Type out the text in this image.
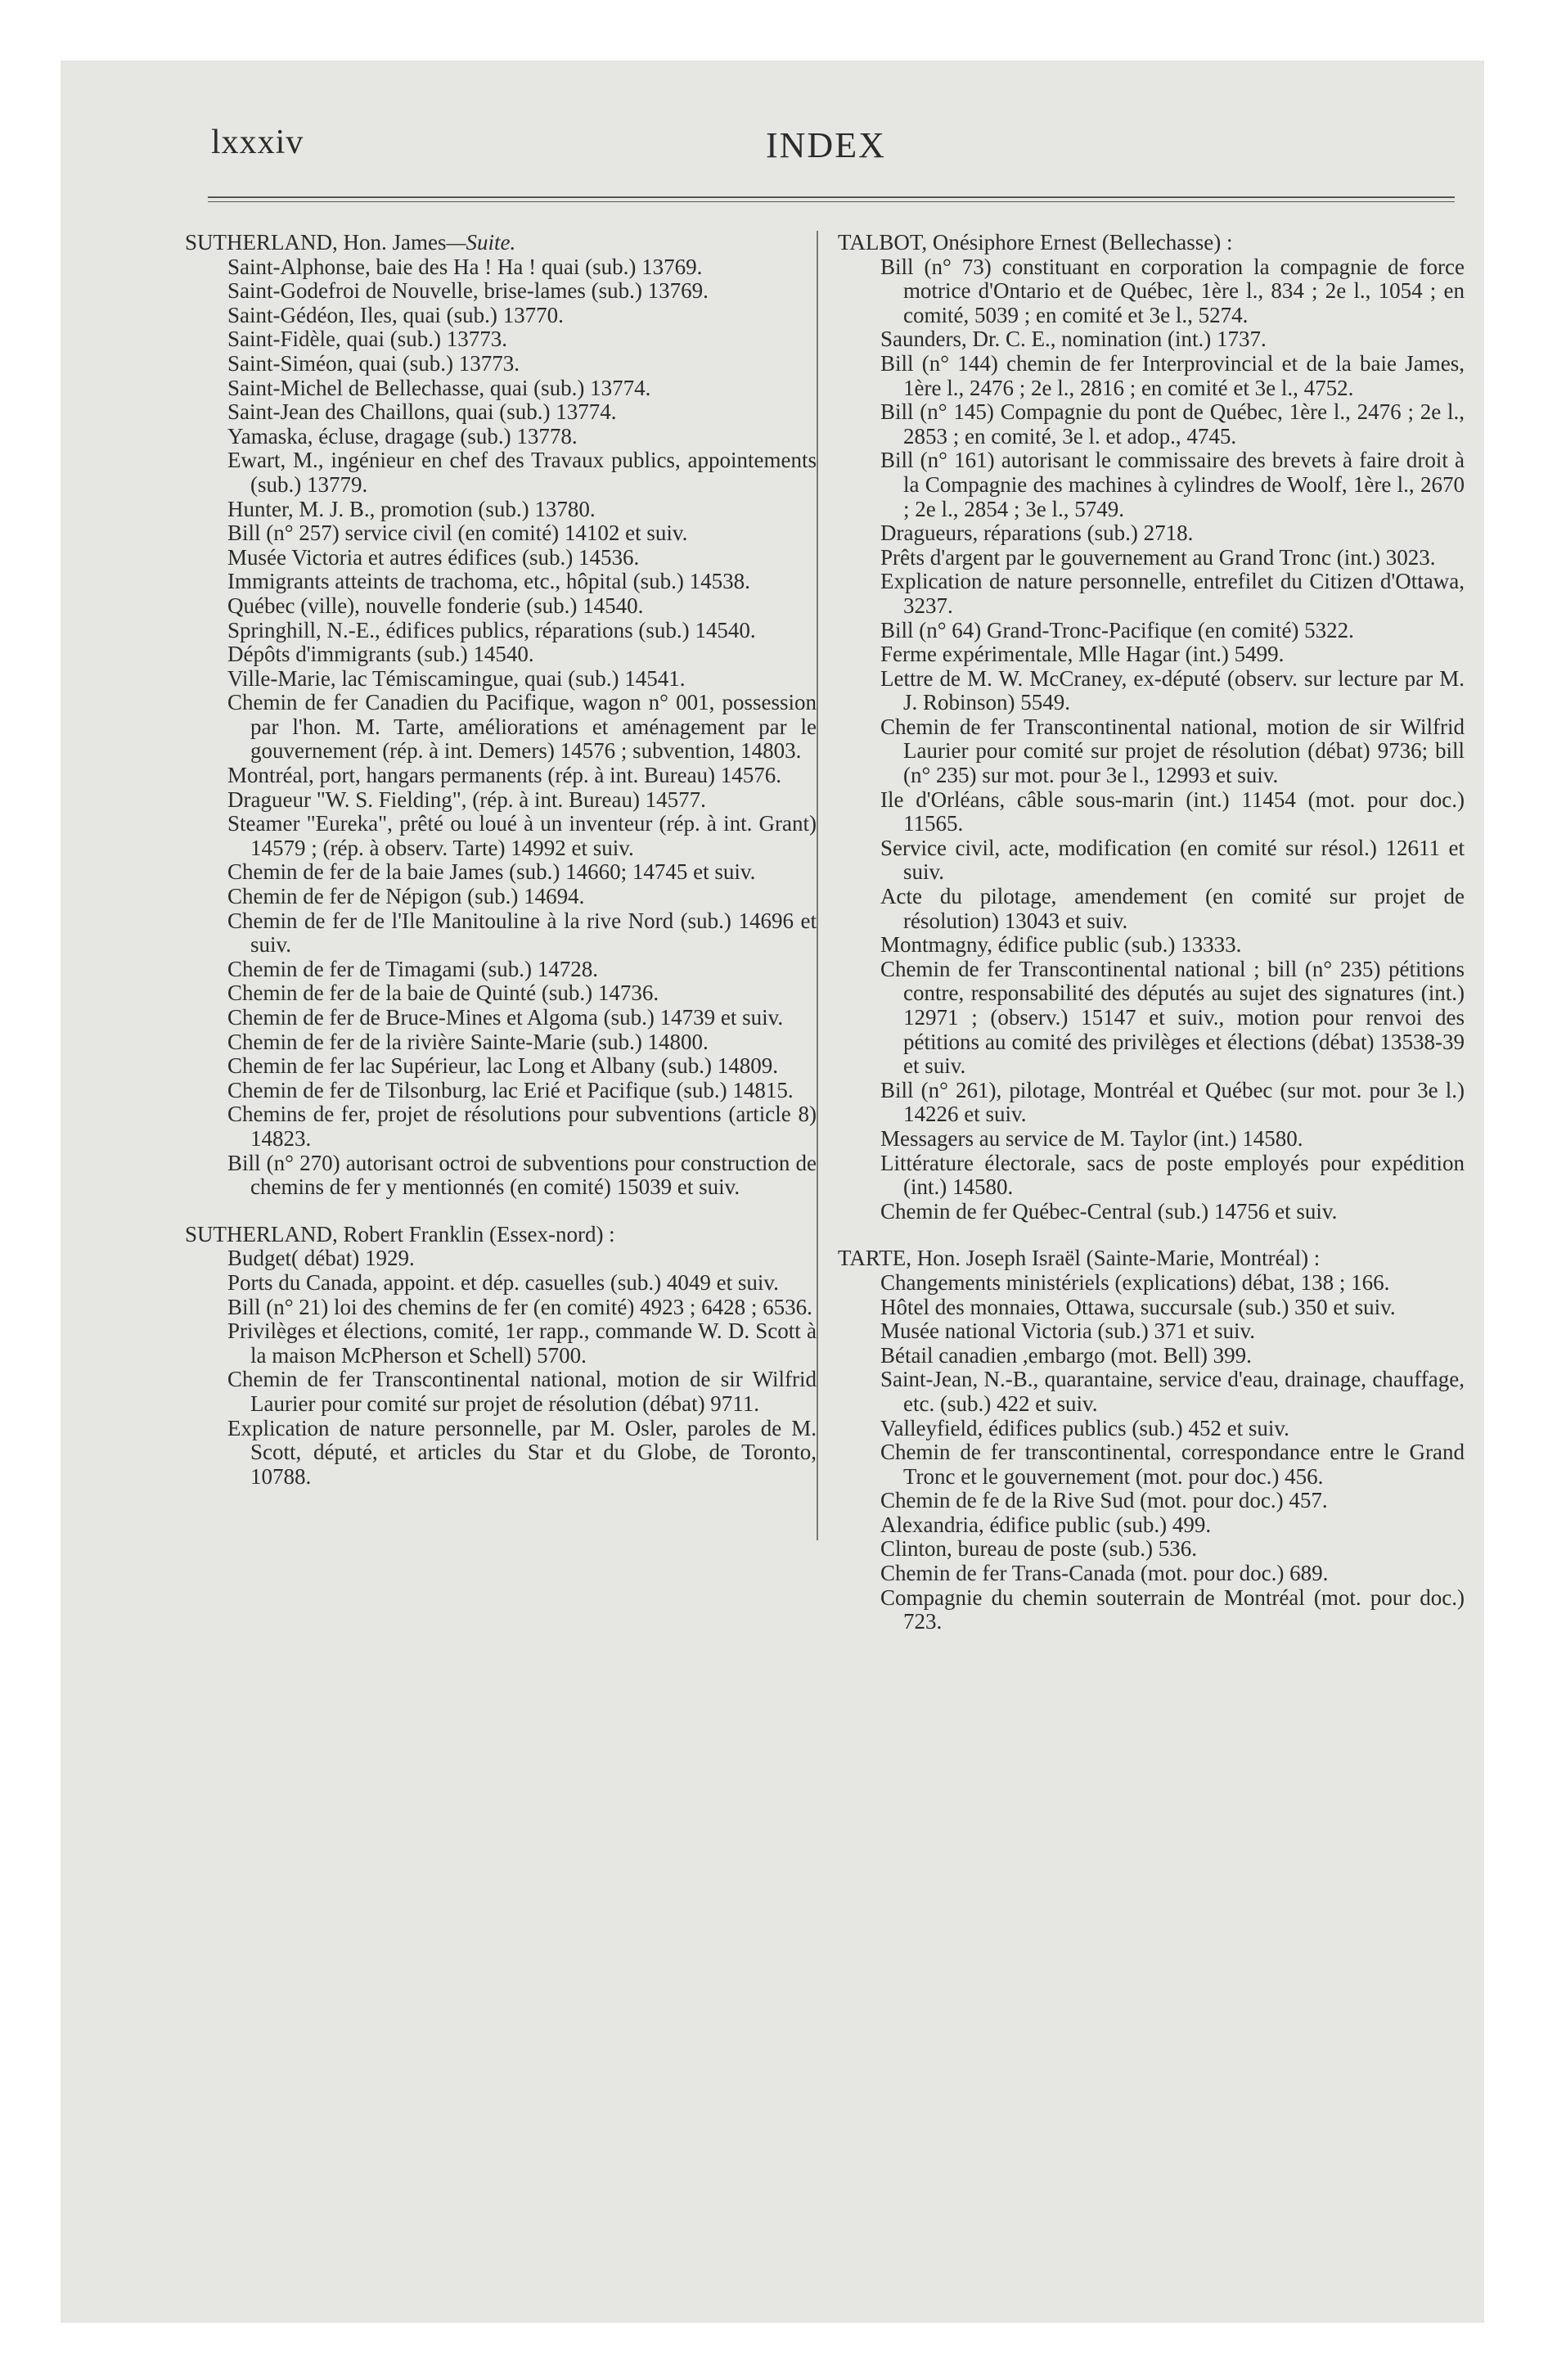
lxxxiv	INDEX
SUTHERLAND, Hon. James—Suite.
Saint-Alphonse, baie des Ha ! Ha ! quai (sub.) 13769.
Saint-Godefroi de Nouvelle, brise-lames (sub.) 13769.
Saint-Gédéon, Iles, quai (sub.) 13770.
Saint-Fidèle, quai (sub.) 13773.
Saint-Siméon, quai (sub.) 13773.
Saint-Michel de Bellechasse, quai (sub.) 13774.
Saint-Jean des Chaillons, quai (sub.) 13774.
Yamaska, écluse, dragage (sub.) 13778.
Ewart, M., ingénieur en chef des Travaux publics, appointements (sub.) 13779.
Hunter, M. J. B., promotion (sub.) 13780.
Bill (n° 257) service civil (en comité) 14102 et suiv.
Musée Victoria et autres édifices (sub.) 14536.
Immigrants atteints de trachoma, etc., hôpital (sub.) 14538.
Québec (ville), nouvelle fonderie (sub.) 14540.
Springhill, N.-E., édifices publics, réparations (sub.) 14540.
Dépôts d'immigrants (sub.) 14540.
Ville-Marie, lac Témiscamingue, quai (sub.) 14541.
Chemin de fer Canadien du Pacifique, wagon n° 001, possession par l'hon. M. Tarte, améliorations et aménagement par le gouvernement (rép. à int. Demers) 14576 ; subvention, 14803.
Montréal, port, hangars permanents (rép. à int. Bureau) 14576.
Dragueur "W. S. Fielding", (rép. à int. Bureau) 14577.
Steamer "Eureka", prêté ou loué à un inventeur (rép. à int. Grant) 14579 ; (rép. à observ. Tarte) 14992 et suiv.
Chemin de fer de la baie James (sub.) 14660; 14745 et suiv.
Chemin de fer de Népigon (sub.) 14694.
Chemin de fer de l'Ile Manitouline à la rive Nord (sub.) 14696 et suiv.
Chemin de fer de Timagami (sub.) 14728.
Chemin de fer de la baie de Quinté (sub.) 14736.
Chemin de fer de Bruce-Mines et Algoma (sub.) 14739 et suiv.
Chemin de fer de la rivière Sainte-Marie (sub.) 14800.
Chemin de fer lac Supérieur, lac Long et Albany (sub.) 14809.
Chemin de fer de Tilsonburg, lac Erié et Pacifique (sub.) 14815.
Chemins de fer, projet de résolutions pour subventions (article 8) 14823.
Bill (n° 270) autorisant octroi de subventions pour construction de chemins de fer y mentionnés (en comité) 15039 et suiv.
SUTHERLAND, Robert Franklin (Essex-nord) :
Budget( débat) 1929.
Ports du Canada, appoint. et dép. casuelles (sub.) 4049 et suiv.
Bill (n° 21) loi des chemins de fer (en comité) 4923 ; 6428 ; 6536.
Privilèges et élections, comité, 1er rapp., commande W. D. Scott à la maison McPherson et Schell) 5700.
Chemin de fer Transcontinental national, motion de sir Wilfrid Laurier pour comité sur projet de résolution (débat) 9711.
Explication de nature personnelle, par M. Osler, paroles de M. Scott, député, et articles du Star et du Globe, de Toronto, 10788.
TALBOT, Onésiphore Ernest (Bellechasse) :
Bill (n° 73) constituant en corporation la compagnie de force motrice d'Ontario et de Québec, 1ère l., 834 ; 2e l., 1054 ; en comité, 5039 ; en comité et 3e l., 5274.
Saunders, Dr. C. E., nomination (int.) 1737.
Bill (n° 144) chemin de fer Interprovincial et de la baie James, 1ère l., 2476 ; 2e l., 2816 ; en comité et 3e l., 4752.
Bill (n° 145) Compagnie du pont de Québec, 1ère l., 2476 ; 2e l., 2853 ; en comité, 3e l. et adop., 4745.
Bill (n° 161) autorisant le commissaire des brevets à faire droit à la Compagnie des machines à cylindres de Woolf, 1ère l., 2670 ; 2e l., 2854 ; 3e l., 5749.
Dragueurs, réparations (sub.) 2718.
Prêts d'argent par le gouvernement au Grand Tronc (int.) 3023.
Explication de nature personnelle, entrefilet du Citizen d'Ottawa, 3237.
Bill (n° 64) Grand-Tronc-Pacifique (en comité) 5322.
Ferme expérimentale, Mlle Hagar (int.) 5499.
Lettre de M. W. McCraney, ex-député (observ. sur lecture par M. J. Robinson) 5549.
Chemin de fer Transcontinental national, motion de sir Wilfrid Laurier pour comité sur projet de résolution (débat) 9736; bill (n° 235) sur mot. pour 3e l., 12993 et suiv.
Ile d'Orléans, câble sous-marin (int.) 11454 (mot. pour doc.) 11565.
Service civil, acte, modification (en comité sur résol.) 12611 et suiv.
Acte du pilotage, amendement (en comité sur projet de résolution) 13043 et suiv.
Montmagny, édifice public (sub.) 13333.
Chemin de fer Transcontinental national ; bill (n° 235) pétitions contre, responsabilité des députés au sujet des signatures (int.) 12971 ; (observ.) 15147 et suiv., motion pour renvoi des pétitions au comité des privilèges et élections (débat) 13538-39 et suiv.
Bill (n° 261), pilotage, Montréal et Québec (sur mot. pour 3e l.) 14226 et suiv.
Messagers au service de M. Taylor (int.) 14580.
Littérature électorale, sacs de poste employés pour expédition (int.) 14580.
Chemin de fer Québec-Central (sub.) 14756 et suiv.
TARTE, Hon. Joseph Israël (Sainte-Marie, Montréal) :
Changements ministériels (explications) débat, 138 ; 166.
Hôtel des monnaies, Ottawa, succursale (sub.) 350 et suiv.
Musée national Victoria (sub.) 371 et suiv.
Bétail canadien ,embargo (mot. Bell) 399.
Saint-Jean, N.-B., quarantaine, service d'eau, drainage, chauffage, etc. (sub.) 422 et suiv.
Valleyfield, édifices publics (sub.) 452 et suiv.
Chemin de fer transcontinental, correspondance entre le Grand Tronc et le gouvernement (mot. pour doc.) 456.
Chemin de fe de la Rive Sud (mot. pour doc.) 457.
Alexandria, édifice public (sub.) 499.
Clinton, bureau de poste (sub.) 536.
Chemin de fer Trans-Canada (mot. pour doc.) 689.
Compagnie du chemin souterrain de Montréal (mot. pour doc.) 723.
